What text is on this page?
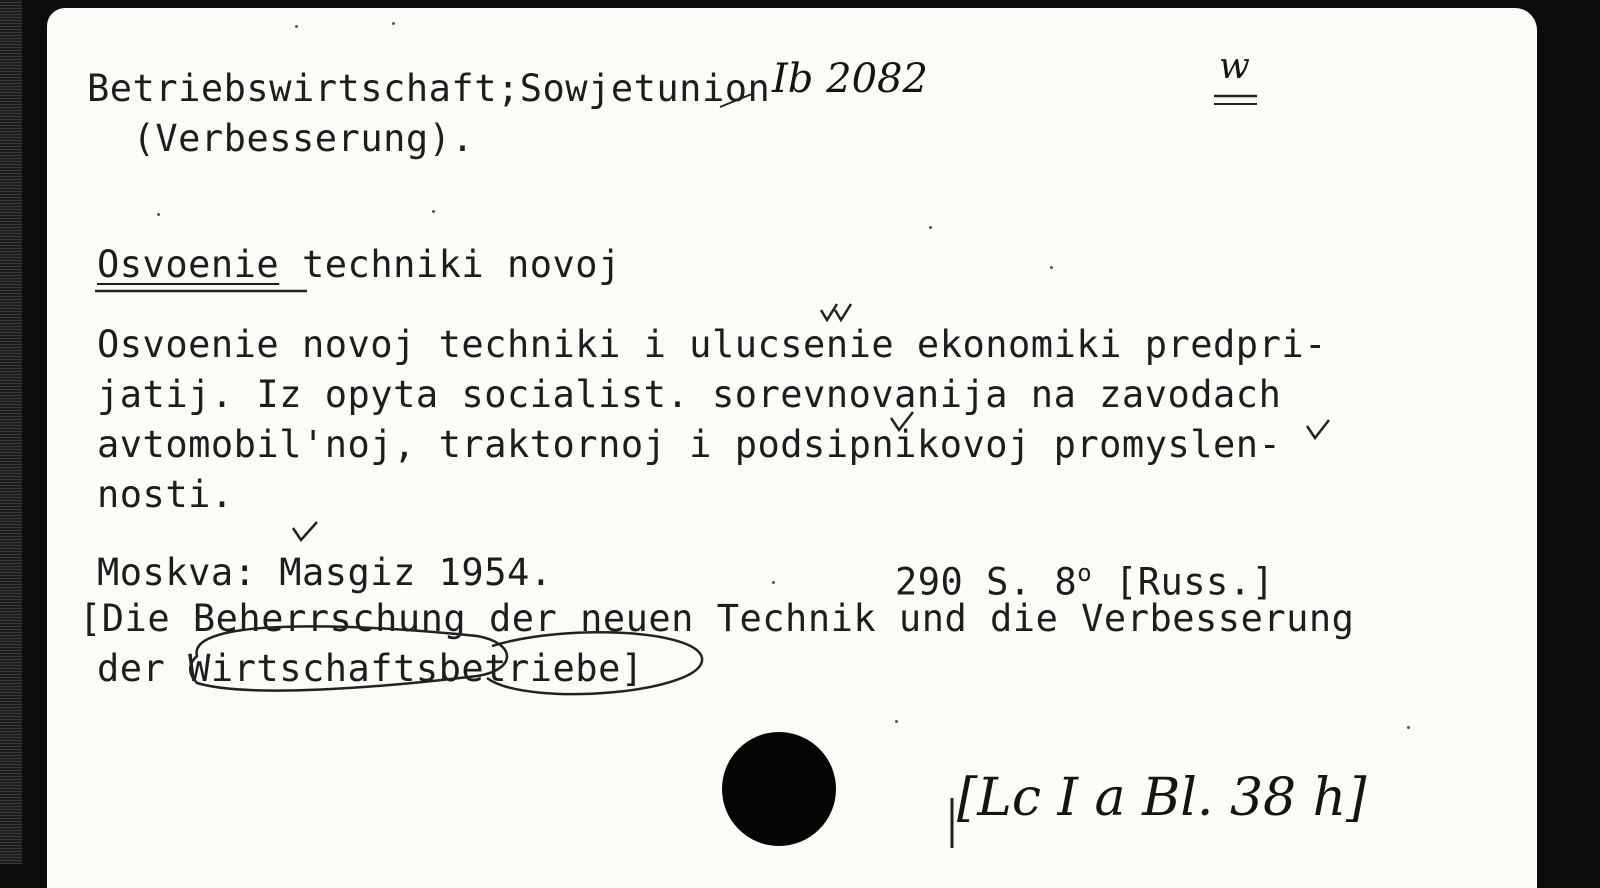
Betriebswirtschaft;Sowjetunion
(Verbesserung).
Ib 2082	w
Osvoenie techniki novoj
Osvoenie novoj techniki i ulucsenie ekonomiki predpri-
jatij. Iz opyta socialist. sorevnovanija na zavodach
avtomobil'noj, traktornoj i podsipnikovoj promyslen-
nosti.
Moskva: Masgiz 1954.	290 S. 8$^o$ [Russ.]
[Die Beherrschung der neuen Technik und die Verbesserung
der Wirtschaftsbetriebe]
[Lc I a Bl. 38 h]
